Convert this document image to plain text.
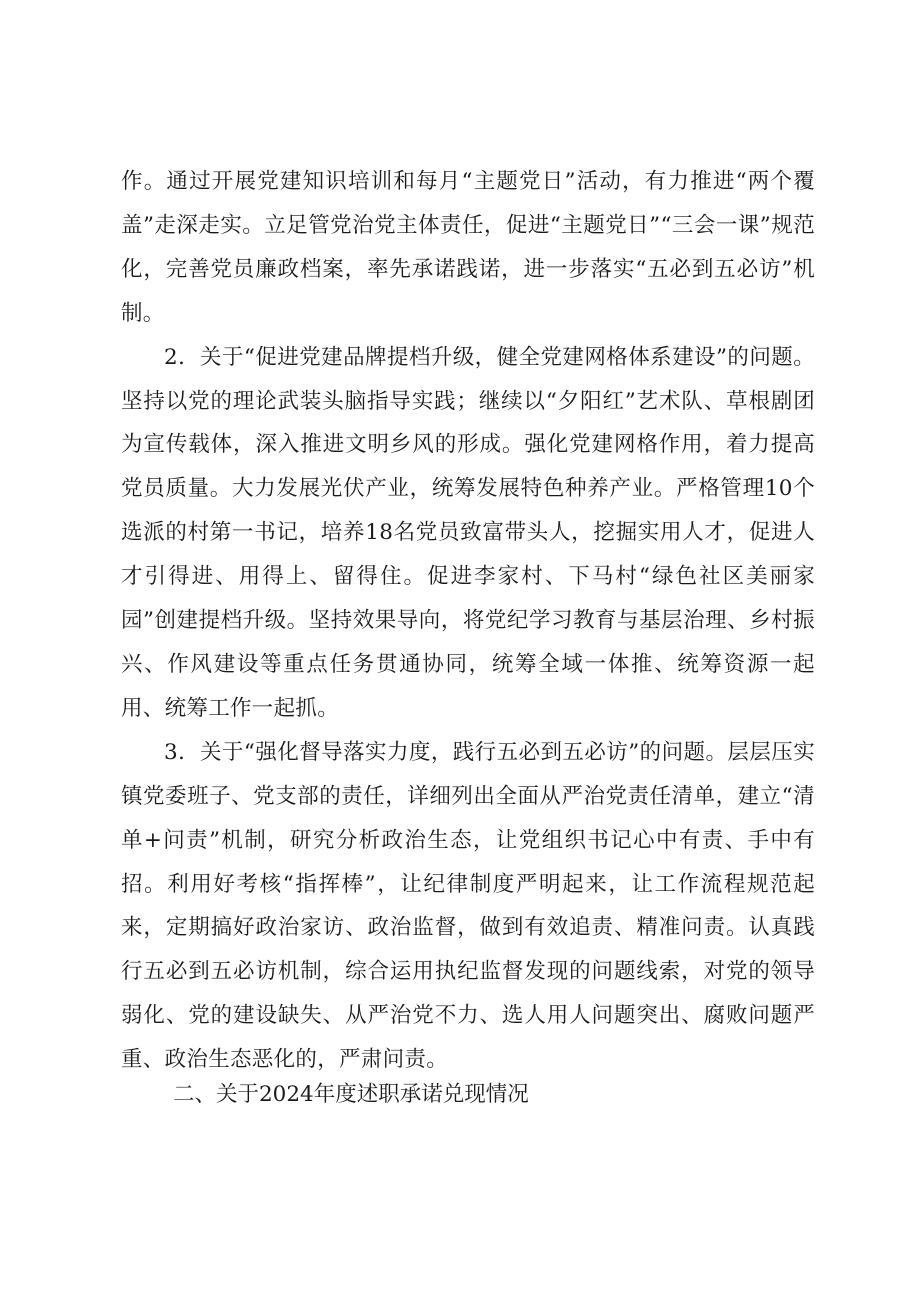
作。通过开展党建知识培训和每月“主题党日”活动，有力推进“两个覆盖”走深走实。立足管党治党主体责任，促进“主题党日”“三会一课”规范化，完善党员廉政档案，率先承诺践诺，进一步落实“五必到五必访”机制。

2．关于“促进党建品牌提档升级，健全党建网格体系建设”的问题。坚持以党的理论武装头脑指导实践；继续以“夕阳红”艺术队、草根剧团为宣传载体，深入推进文明乡风的形成。强化党建网格作用，着力提高党员质量。大力发展光伏产业，统筹发展特色种养产业。严格管理10个选派的村第一书记，培养18名党员致富带头人，挖掘实用人才，促进人才引得进、用得上、留得住。促进李家村、下马村“绿色社区美丽家园”创建提档升级。坚持效果导向，将党纪学习教育与基层治理、乡村振兴、作风建设等重点任务贯通协同，统筹全域一体推、统筹资源一起用、统筹工作一起抓。

3．关于“强化督导落实力度，践行五必到五必访”的问题。层层压实镇党委班子、党支部的责任，详细列出全面从严治党责任清单，建立“清单+问责”机制，研究分析政治生态，让党组织书记心中有责、手中有招。利用好考核“指挥棒”，让纪律制度严明起来，让工作流程规范起来，定期搞好政治家访、政治监督，做到有效追责、精准问责。认真践行五必到五必访机制，综合运用执纪监督发现的问题线索，对党的领导弱化、党的建设缺失、从严治党不力、选人用人问题突出、腐败问题严重、政治生态恶化的，严肃问责。

二、关于2024年度述职承诺兑现情况
